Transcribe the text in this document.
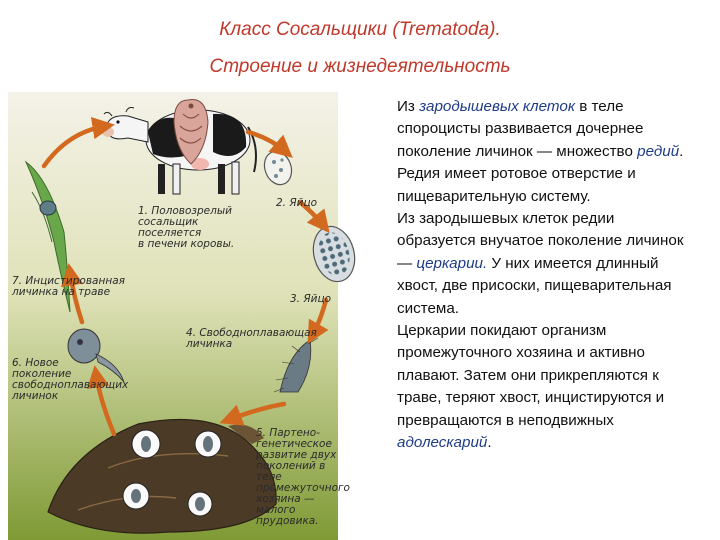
Класс Сосальщики (Trematoda).
Строение и жизнедеятельность
1. Половозрелый
сосальщик
поселяется
в печени коровы.
2. Яйцо
3. Яйцо
4. Свободноплавающая
личинка
5. Партено-
генетическое
развитие двух
поколений в теле
промежуточного
хозяина —
малого
прудовика.
6. Новое
поколение
свободноплавающих
личинок
7. Инцистированная
личинка на траве
Из зародышевых клеток в теле спороцисты развивается дочернее поколение личинок — множество редий. Редия имеет ротовое отверстие и пищеварительную систему.
Из зародышевых клеток редии образуется внучатое поколение личинок — церкарии. У них имеется длинный хвост, две присоски, пищеварительная система.
Церкарии покидают организм промежуточного хозяина и активно плавают. Затем они прикрепляются к траве, теряют хвост, инцистируются и превращаются в неподвижных адолескарий.
